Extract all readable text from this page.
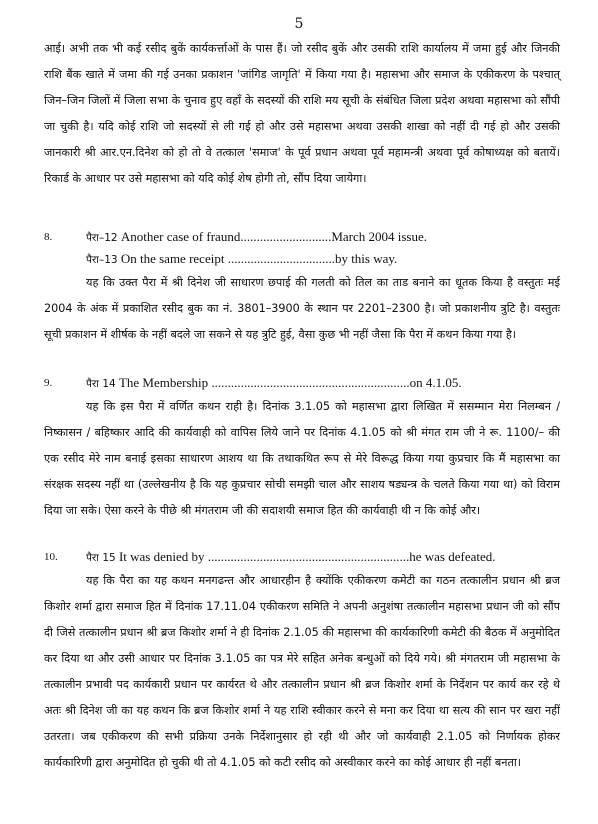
5

आई। अभी तक भी कई रसीद बुकें कार्यकर्त्ताओं के पास हैं। जो रसीद बुकें और उसकी राशि कार्यालय में जमा हुई और जिनकी राशि बैंक खाते में जमा की गई उनका प्रकाशन 'जांगिड जागृति' में किया गया है। महासभा और समाज के एकीकरण के पश्चात् जिन–जिन जिलों में जिला सभा के चुनाव हुए वहाँ के सदस्यों की राशि मय सूची के संबंधित जिला प्रदेश अथवा महासभा को सौंपी जा चुकी है। यदि कोई राशि जो सदस्यों से ली गई हो और उसे महासभा अथवा उसकी शाखा को नहीं दी गई हो और उसकी जानकारी श्री आर.एन.दिनेश को हो तो वे तत्काल 'समाज' के पूर्व प्रधान अथवा पूर्व महामन्त्री अथवा पूर्व कोषाध्यक्ष को बतायें। रिकार्ड के आधार पर उसे महासभा को यदि कोई शेष होगी तो, सौंप दिया जायेगा।

8.	पैरा–12 Another case of fraund............................March 2004 issue.
पैरा–13 On the same receipt .................................by this way.

यह कि उक्त पैरा में श्री दिनेश जी साधारण छपाई की गलती को तिल का ताड बनाने का धूतक किया है वस्तुतः मई 2004 के अंक में प्रकाशित रसीद बुक का नं. 3801–3900 के स्थान पर 2201–2300 है। जो प्रकाशनीय त्रुटि है। वस्तुतः सूची प्रकाशन में शीर्षक के नहीं बदले जा सकने से यह त्रुटि हुई, वैसा कुछ भी नहीं जैसा कि पैरा में कथन किया गया है।

9.	पैरा 14 The Membership .............................................................on 4.1.05.

यह कि इस पैरा में वर्णित कथन राही है। दिनांक 3.1.05 को महासभा द्वारा लिखित में ससम्मान मेरा निलम्बन / निष्कासन / बहिष्कार आदि की कार्यवाही को वापिस लिये जाने पर दिनांक 4.1.05 को श्री मंगत राम जी ने रू. 1100/– की एक रसीद मेरे नाम बनाई इसका साधारण आशय था कि तथाकथित रूप से मेरे विरूद्ध किया गया कुप्रचार कि मैं महासभा का संरक्षक सदस्य नहीं था (उल्लेखनीय है कि यह कुप्रचार सोची समझी चाल और साशय षड्यन्त्र के चलते किया गया था) को विराम दिया जा सके। ऐसा करने के पीछे श्री मंगतराम जी की सदाशयी समाज हित की कार्यवाही थी न कि कोई और।

10.	पैरा 15 It was denied by ..............................................................he was defeated.

यह कि पैरा का यह कथन मनगढन्त और आधारहीन है क्योंकि एकीकरण कमेटी का गठन तत्कालीन प्रधान श्री ब्रज किशोर शर्मा द्वारा समाज हित में दिनांक 17.11.04 एकीकरण समिति ने अपनी अनुशंषा तत्कालीन महासभा प्रधान जी को सौंप दी जिसे तत्कालीन प्रधान श्री ब्रज किशोर शर्मा ने ही दिनांक 2.1.05 की महासभा की कार्यकारिणी कमेटी की बैठक में अनुमोदित कर दिया था और उसी आधार पर दिनांक 3.1.05 का पत्र मेरे सहित अनेक बन्धुओं को दिये गये। श्री मंगतराम जी महासभा के तत्कालीन प्रभावी पद कार्यकारी प्रधान पर कार्यरत थे और तत्कालीन प्रधान श्री ब्रज किशोर शर्मा के निर्देशन पर कार्य कर रहे थे अतः श्री दिनेश जी का यह कथन कि ब्रज किशोर शर्मा ने यह राशि स्वीकार करने से मना कर दिया था सत्य की सान पर खरा नहीं उतरता। जब एकीकरण की सभी प्रक्रिया उनके निर्देशानुसार हो रही थी और जो कार्यवाही 2.1.05 को निर्णायक होकर कार्यकारिणी द्वारा अनुमोदित हो चुकी थी तो 4.1.05 को कटी रसीद को अस्वीकार करने का कोई आधार ही नहीं बनता।
